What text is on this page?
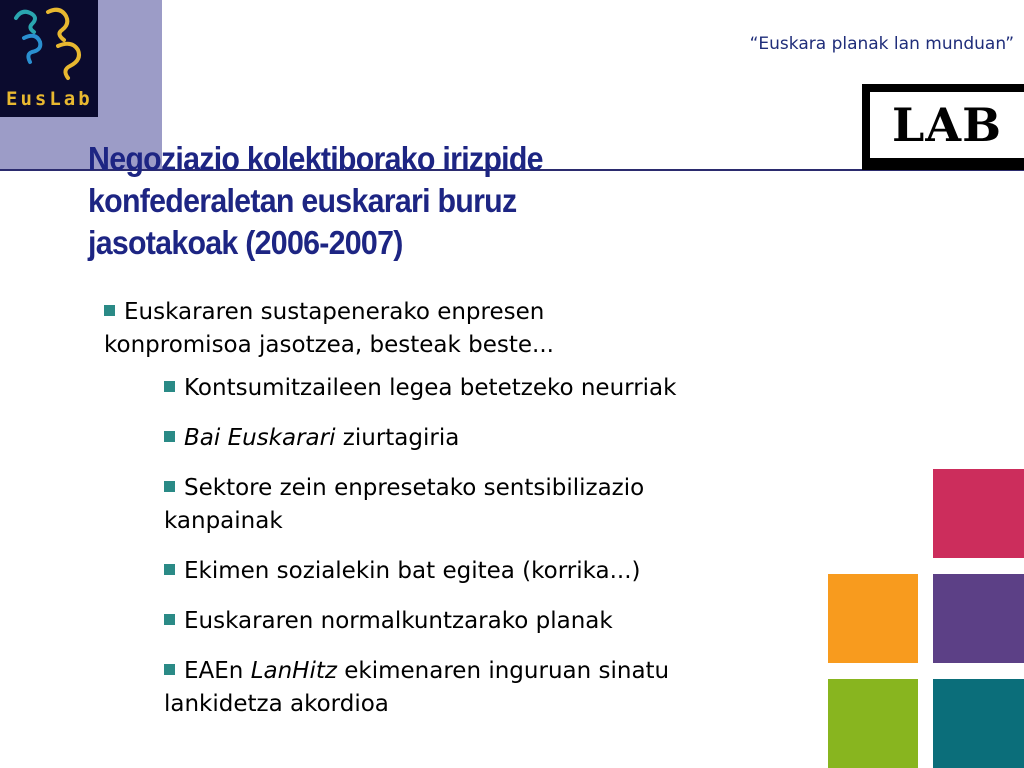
EusLab
“Euskara planak lan munduan”
LAB
Negoziazio kolektiborako irizpide
konfederaletan euskarari buruz
jasotakoak (2006-2007)
Euskararen sustapenerako enpresen
konpromisoa jasotzea, besteak beste...
Kontsumitzaileen legea betetzeko neurriak
Bai Euskarari ziurtagiria
Sektore zein enpresetako sentsibilizazio
kanpainak
Ekimen sozialekin bat egitea (korrika...)
Euskararen normalkuntzarako planak
EAEn LanHitz ekimenaren inguruan sinatu
lankidetza akordioa
